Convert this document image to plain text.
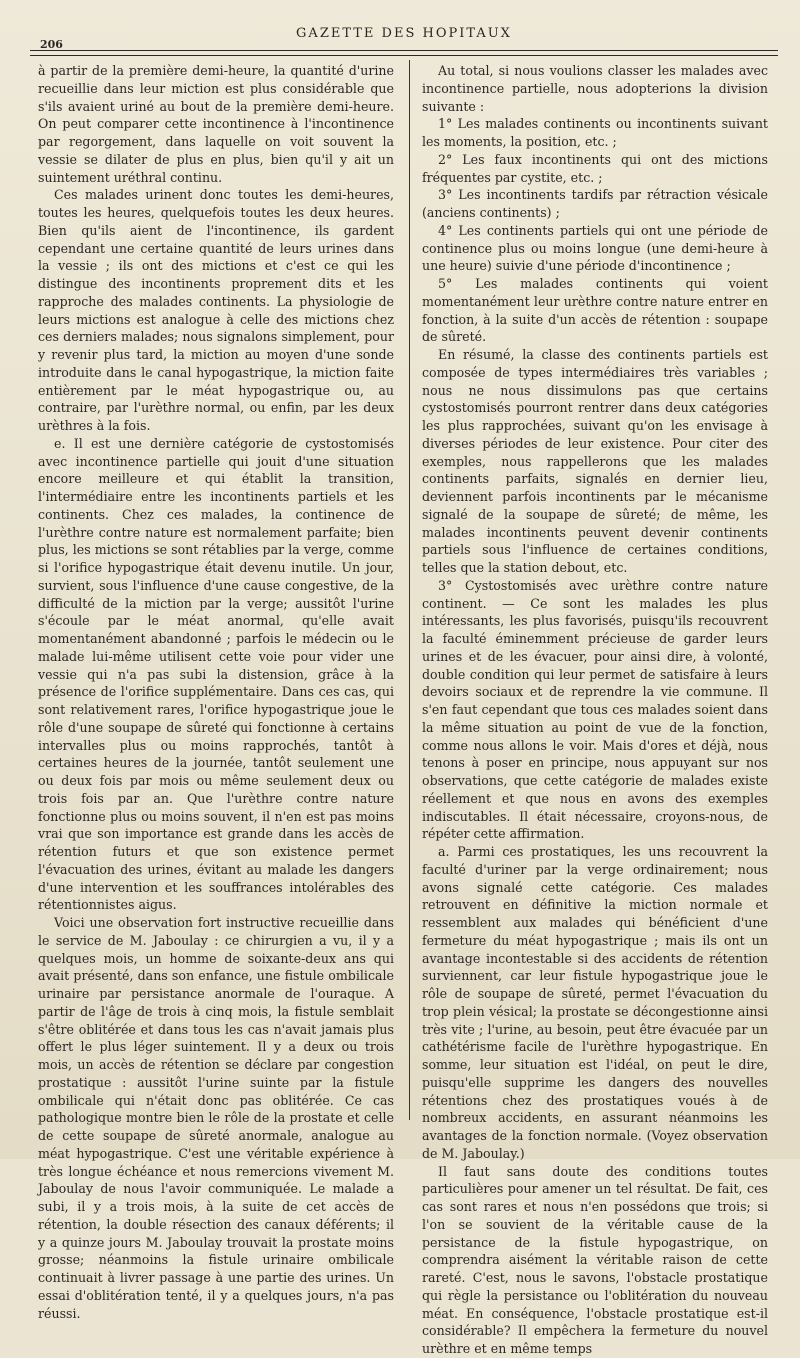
206
GAZETTE DES HOPITAUX

à partir de la première demi-heure, la quantité d'urine recueillie dans leur miction est plus considérable que s'ils avaient uriné au bout de la première demi-heure. On peut comparer cette incontinence à l'incontinence par regorgement, dans laquelle on voit souvent la vessie se dilater de plus en plus, bien qu'il y ait un suintement uréthral continu.

Ces malades urinent donc toutes les demi-heures, toutes les heures, quelquefois toutes les deux heures. Bien qu'ils aient de l'incontinence, ils gardent cependant une certaine quantité de leurs urines dans la vessie ; ils ont des mictions et c'est ce qui les distingue des incontinents proprement dits et les rapproche des malades continents. La physiologie de leurs mictions est analogue à celle des mictions chez ces derniers malades; nous signalons simplement, pour y revenir plus tard, la miction au moyen d'une sonde introduite dans le canal hypogastrique, la miction faite entièrement par le méat hypogastrique ou, au contraire, par l'urèthre normal, ou enfin, par les deux urèthres à la fois.

e. Il est une dernière catégorie de cystostomisés avec incontinence partielle qui jouit d'une situation encore meilleure et qui établit la transition, l'intermédiaire entre les incontinents partiels et les continents. Chez ces malades, la continence de l'urèthre contre nature est normalement parfaite; bien plus, les mictions se sont rétablies par la verge, comme si l'orifice hypogastrique était devenu inutile. Un jour, survient, sous l'influence d'une cause congestive, de la difficulté de la miction par la verge; aussitôt l'urine s'écoule par le méat anormal, qu'elle avait momentanément abandonné ; parfois le médecin ou le malade lui-même utilisent cette voie pour vider une vessie qui n'a pas subi la distension, grâce à la présence de l'orifice supplémentaire. Dans ces cas, qui sont relativement rares, l'orifice hypogastrique joue le rôle d'une soupape de sûreté qui fonctionne à certains intervalles plus ou moins rapprochés, tantôt à certaines heures de la journée, tantôt seulement une ou deux fois par mois ou même seulement deux ou trois fois par an. Que l'urèthre contre nature fonctionne plus ou moins souvent, il n'en est pas moins vrai que son importance est grande dans les accès de rétention futurs et que son existence permet l'évacuation des urines, évitant au malade les dangers d'une intervention et les souffrances intolérables des rétentionnistes aigus.

Voici une observation fort instructive recueillie dans le service de M. Jaboulay : ce chirurgien a vu, il y a quelques mois, un homme de soixante-deux ans qui avait présenté, dans son enfance, une fistule ombilicale urinaire par persistance anormale de l'ouraque. A partir de l'âge de trois à cinq mois, la fistule semblait s'être oblitérée et dans tous les cas n'avait jamais plus offert le plus léger suintement. Il y a deux ou trois mois, un accès de rétention se déclare par congestion prostatique : aussitôt l'urine suinte par la fistule ombilicale qui n'était donc pas oblitérée. Ce cas pathologique montre bien le rôle de la prostate et celle de cette soupape de sûreté anormale, analogue au méat hypogastrique. C'est une véritable expérience à très longue échéance et nous remercions vivement M. Jaboulay de nous l'avoir communiquée. Le malade a subi, il y a trois mois, à la suite de cet accès de rétention, la double résection des canaux déférents; il y a quinze jours M. Jaboulay trouvait la prostate moins grosse; néanmoins la fistule urinaire ombilicale continuait à livrer passage à une partie des urines. Un essai d'oblitération tenté, il y a quelques jours, n'a pas réussi.

Au total, si nous voulions classer les malades avec incontinence partielle, nous adopterions la division suivante :

1° Les malades continents ou incontinents suivant les moments, la position, etc. ;

2° Les faux incontinents qui ont des mictions fréquentes par cystite, etc. ;

3° Les incontinents tardifs par rétraction vésicale (anciens continents) ;

4° Les continents partiels qui ont une période de continence plus ou moins longue (une demi-heure à une heure) suivie d'une période d'incontinence ;

5° Les malades continents qui voient momentanément leur urèthre contre nature entrer en fonction, à la suite d'un accès de rétention : soupape de sûreté.

En résumé, la classe des continents partiels est composée de types intermédiaires très variables ; nous ne nous dissimulons pas que certains cystostomisés pourront rentrer dans deux catégories les plus rapprochées, suivant qu'on les envisage à diverses périodes de leur existence. Pour citer des exemples, nous rappellerons que les malades continents parfaits, signalés en dernier lieu, deviennent parfois incontinents par le mécanisme signalé de la soupape de sûreté; de même, les malades incontinents peuvent devenir continents partiels sous l'influence de certaines conditions, telles que la station debout, etc.

3° Cystostomisés avec urèthre contre nature continent. — Ce sont les malades les plus intéressants, les plus favorisés, puisqu'ils recouvrent la faculté éminemment précieuse de garder leurs urines et de les évacuer, pour ainsi dire, à volonté, double condition qui leur permet de satisfaire à leurs devoirs sociaux et de reprendre la vie commune. Il s'en faut cependant que tous ces malades soient dans la même situation au point de vue de la fonction, comme nous allons le voir. Mais d'ores et déjà, nous tenons à poser en principe, nous appuyant sur nos observations, que cette catégorie de malades existe réellement et que nous en avons des exemples indiscutables. Il était nécessaire, croyons-nous, de répéter cette affirmation.

a. Parmi ces prostatiques, les uns recouvrent la faculté d'uriner par la verge ordinairement; nous avons signalé cette catégorie. Ces malades retrouvent en définitive la miction normale et ressemblent aux malades qui bénéficient d'une fermeture du méat hypogastrique ; mais ils ont un avantage incontestable si des accidents de rétention surviennent, car leur fistule hypogastrique joue le rôle de soupape de sûreté, permet l'évacuation du trop plein vésical; la prostate se décongestionne ainsi très vite ; l'urine, au besoin, peut être évacuée par un cathétérisme facile de l'urèthre hypogastrique. En somme, leur situation est l'idéal, on peut le dire, puisqu'elle supprime les dangers des nouvelles rétentions chez des prostatiques voués à de nombreux accidents, en assurant néanmoins les avantages de la fonction normale. (Voyez observation de M. Jaboulay.)

Il faut sans doute des conditions toutes particulières pour amener un tel résultat. De fait, ces cas sont rares et nous n'en possédons que trois; si l'on se souvient de la véritable cause de la persistance de la fistule hypogastrique, on comprendra aisément la véritable raison de cette rareté. C'est, nous le savons, l'obstacle prostatique qui règle la persistance ou l'oblitération du nouveau méat. En conséquence, l'obstacle prostatique est-il considérable? Il empêchera la fermeture du nouvel urèthre et en même temps
